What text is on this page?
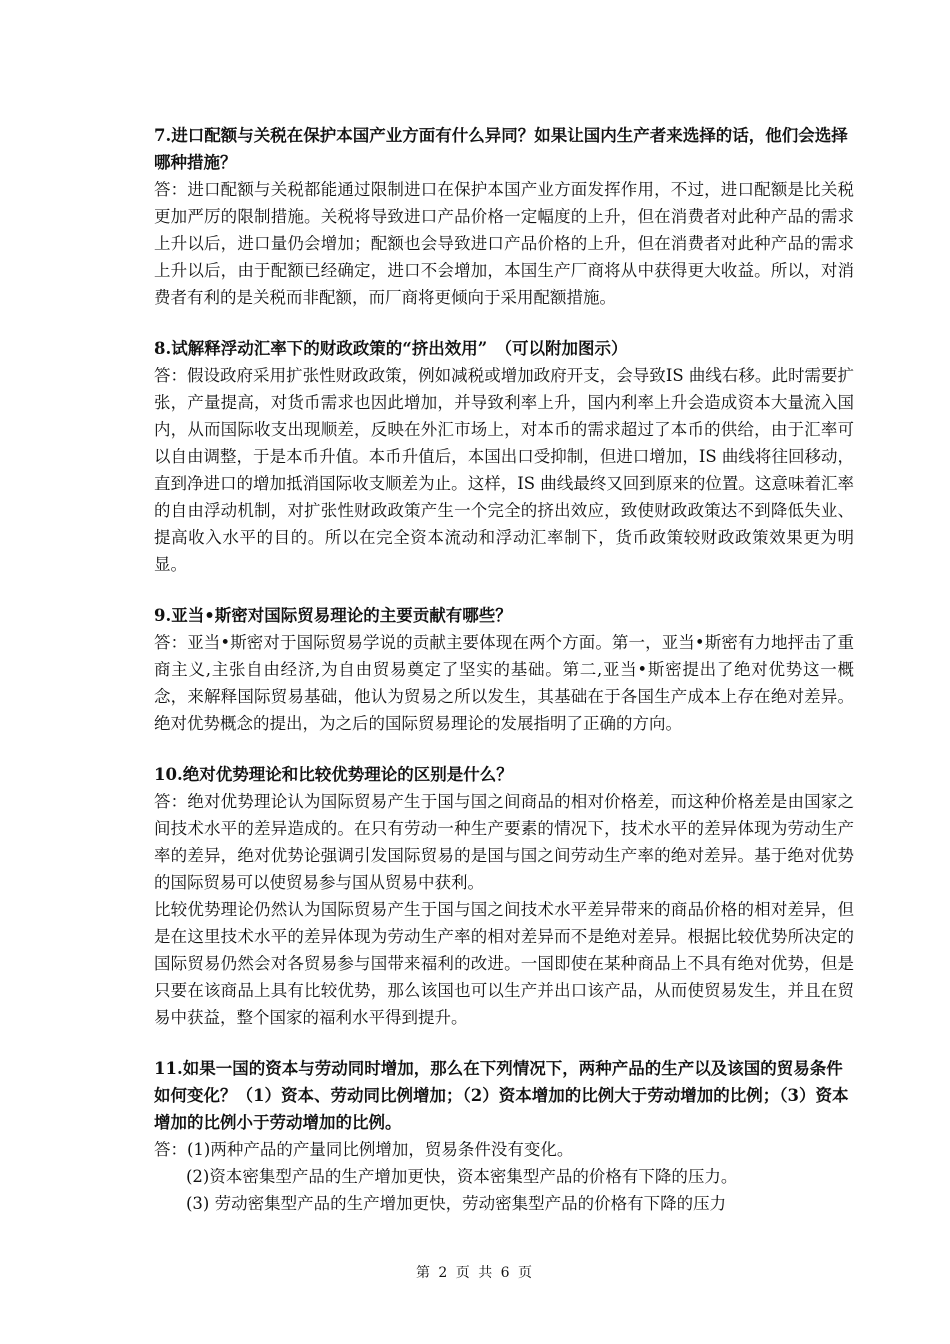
7.进口配额与关税在保护本国产业方面有什么异同？如果让国内生产者来选择的话，他们会选择哪种措施？

答：进口配额与关税都能通过限制进口在保护本国产业方面发挥作用，不过，进口配额是比关税更加严厉的限制措施。关税将导致进口产品价格一定幅度的上升，但在消费者对此种产品的需求上升以后，进口量仍会增加；配额也会导致进口产品价格的上升，但在消费者对此种产品的需求上升以后，由于配额已经确定，进口不会增加，本国生产厂商将从中获得更大收益。所以，对消费者有利的是关税而非配额，而厂商将更倾向于采用配额措施。

8.试解释浮动汇率下的财政政策的“挤出效用”　（可以附加图示）

答：假设政府采用扩张性财政政策，例如减税或增加政府开支，会导致IS 曲线右移。此时需要扩张，产量提高，对货币需求也因此增加，并导致利率上升，国内利率上升会造成资本大量流入国内，从而国际收支出现顺差，反映在外汇市场上，对本币的需求超过了本币的供给，由于汇率可以自由调整，于是本币升值。本币升值后，本国出口受抑制，但进口增加，IS 曲线将往回移动，直到净进口的增加抵消国际收支顺差为止。这样，IS 曲线最终又回到原来的位置。这意味着汇率的自由浮动机制，对扩张性财政政策产生一个完全的挤出效应，致使财政政策达不到降低失业、提高收入水平的目的。所以在完全资本流动和浮动汇率制下，货币政策较财政政策效果更为明显。

9.亚当•斯密对国际贸易理论的主要贡献有哪些？

答：亚当•斯密对于国际贸易学说的贡献主要体现在两个方面。第一，亚当•斯密有力地抨击了重商主义,主张自由经济,为自由贸易奠定了坚实的基础。第二,亚当•斯密提出了绝对优势这一概念，来解释国际贸易基础，他认为贸易之所以发生，其基础在于各国生产成本上存在绝对差异。绝对优势概念的提出，为之后的国际贸易理论的发展指明了正确的方向。

10.绝对优势理论和比较优势理论的区别是什么？

答：绝对优势理论认为国际贸易产生于国与国之间商品的相对价格差，而这种价格差是由国家之间技术水平的差异造成的。在只有劳动一种生产要素的情况下，技术水平的差异体现为劳动生产率的差异，绝对优势论强调引发国际贸易的是国与国之间劳动生产率的绝对差异。基于绝对优势的国际贸易可以使贸易参与国从贸易中获利。

比较优势理论仍然认为国际贸易产生于国与国之间技术水平差异带来的商品价格的相对差异，但是在这里技术水平的差异体现为劳动生产率的相对差异而不是绝对差异。根据比较优势所决定的国际贸易仍然会对各贸易参与国带来福利的改进。一国即使在某种商品上不具有绝对优势，但是只要在该商品上具有比较优势，那么该国也可以生产并出口该产品，从而使贸易发生，并且在贸易中获益，整个国家的福利水平得到提升。

11.如果一国的资本与劳动同时增加，那么在下列情况下，两种产品的生产以及该国的贸易条件如何变化？（1）资本、劳动同比例增加；（2）资本增加的比例大于劳动增加的比例；（3）资本增加的比例小于劳动增加的比例。

答：(1)两种产品的产量同比例增加，贸易条件没有变化。

(2)资本密集型产品的生产增加更快，资本密集型产品的价格有下降的压力。

(3) 劳动密集型产品的生产增加更快，劳动密集型产品的价格有下降的压力

第 2 页 共 6 页
